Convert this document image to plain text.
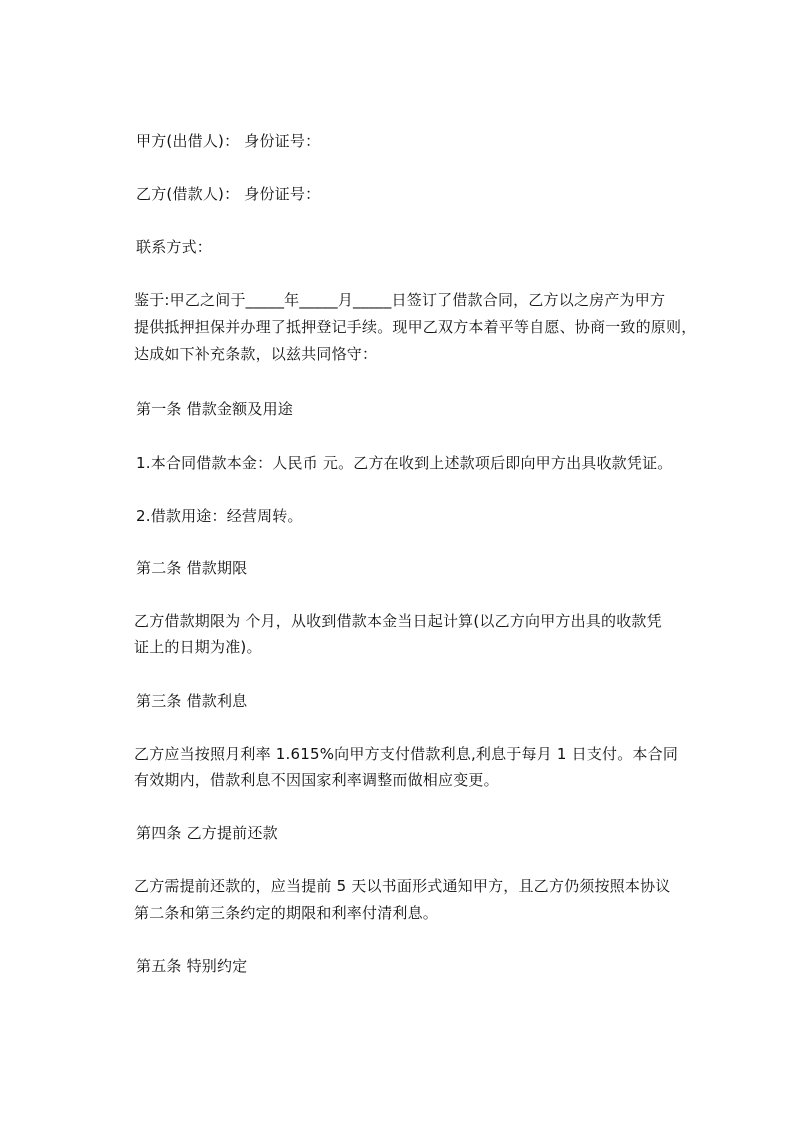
甲方(出借人)： 身份证号：
乙方(借款人)： 身份证号：
联系方式：
鉴于:甲乙之间于_____年_____月_____日签订了借款合同，乙方以之房产为甲方
提供抵押担保并办理了抵押登记手续。现甲乙双方本着平等自愿、协商一致的原则，
达成如下补充条款，以兹共同恪守：
第一条 借款金额及用途
1.本合同借款本金：人民币 元。乙方在收到上述款项后即向甲方出具收款凭证。
2.借款用途：经营周转。
第二条 借款期限
乙方借款期限为 个月，从收到借款本金当日起计算(以乙方向甲方出具的收款凭
证上的日期为准)。
第三条 借款利息
乙方应当按照月利率 1.615%向甲方支付借款利息,利息于每月 1 日支付。本合同
有效期内，借款利息不因国家利率调整而做相应变更。
第四条 乙方提前还款
乙方需提前还款的，应当提前 5 天以书面形式通知甲方，且乙方仍须按照本协议
第二条和第三条约定的期限和利率付清利息。
第五条 特别约定
